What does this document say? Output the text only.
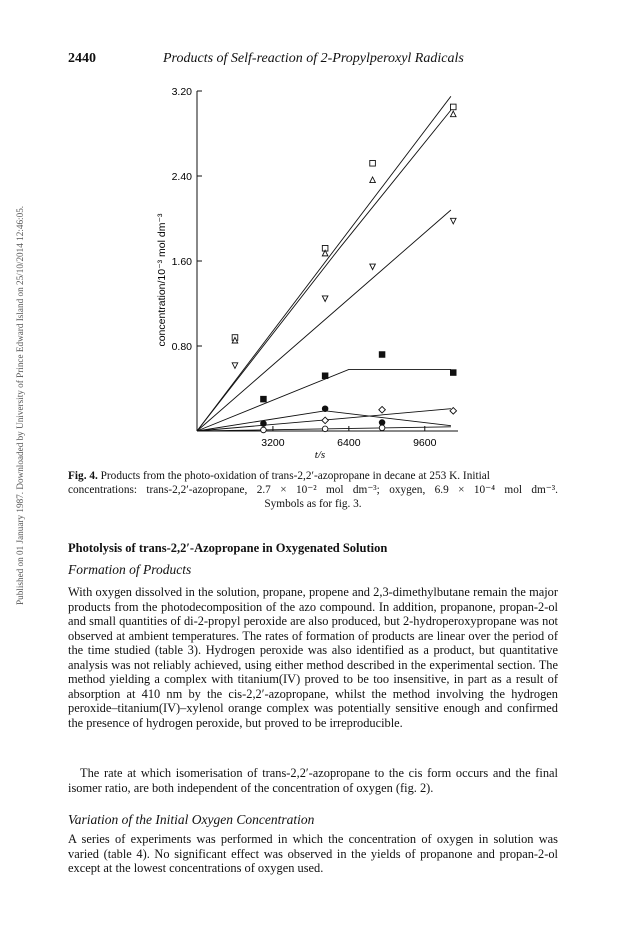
2440	Products of Self-reaction of 2-Propylperoxyl Radicals
Published on 01 January 1987. Downloaded by University of Prince Edward Island on 25/10/2014 12:46:05.	0.80
1.60
2.40
3.20
3200	6400	9600
t/s
concentration/10⁻³ mol dm⁻³
Fig. 4. Products from the photo-oxidation of trans-2,2′-azopropane in decane at 253 K. Initial
concentrations: trans-2,2′-azopropane, 2.7 × 10⁻² mol dm⁻³; oxygen, 6.9 × 10⁻⁴ mol dm⁻³.
Symbols as for fig. 3.
Photolysis of trans-2,2′-Azopropane in Oxygenated Solution
Formation of Products
With oxygen dissolved in the solution, propane, propene and 2,3-dimethylbutane remain the major products from the photodecomposition of the azo compound. In addition, propanone, propan-2-ol and small quantities of di-2-propyl peroxide are also produced, but 2-hydroperoxypropane was not observed at ambient temperatures. The rates of formation of products are linear over the period of the time studied (table 3). Hydrogen peroxide was also identified as a product, but quantitative analysis was not reliably achieved, using either method described in the experimental section. The method yielding a complex with titanium(IV) proved to be too insensitive, in part as a result of absorption at 410 nm by the cis-2,2′-azopropane, whilst the method involving the hydrogen peroxide–titanium(IV)–xylenol orange complex was potentially sensitive enough and confirmed the presence of hydrogen peroxide, but proved to be irreproducible.
The rate at which isomerisation of trans-2,2′-azopropane to the cis form occurs and the final isomer ratio, are both independent of the concentration of oxygen (fig. 2).
Variation of the Initial Oxygen Concentration
A series of experiments was performed in which the concentration of oxygen in solution was varied (table 4). No significant effect was observed in the yields of propanone and propan-2-ol except at the lowest concentrations of oxygen used.
